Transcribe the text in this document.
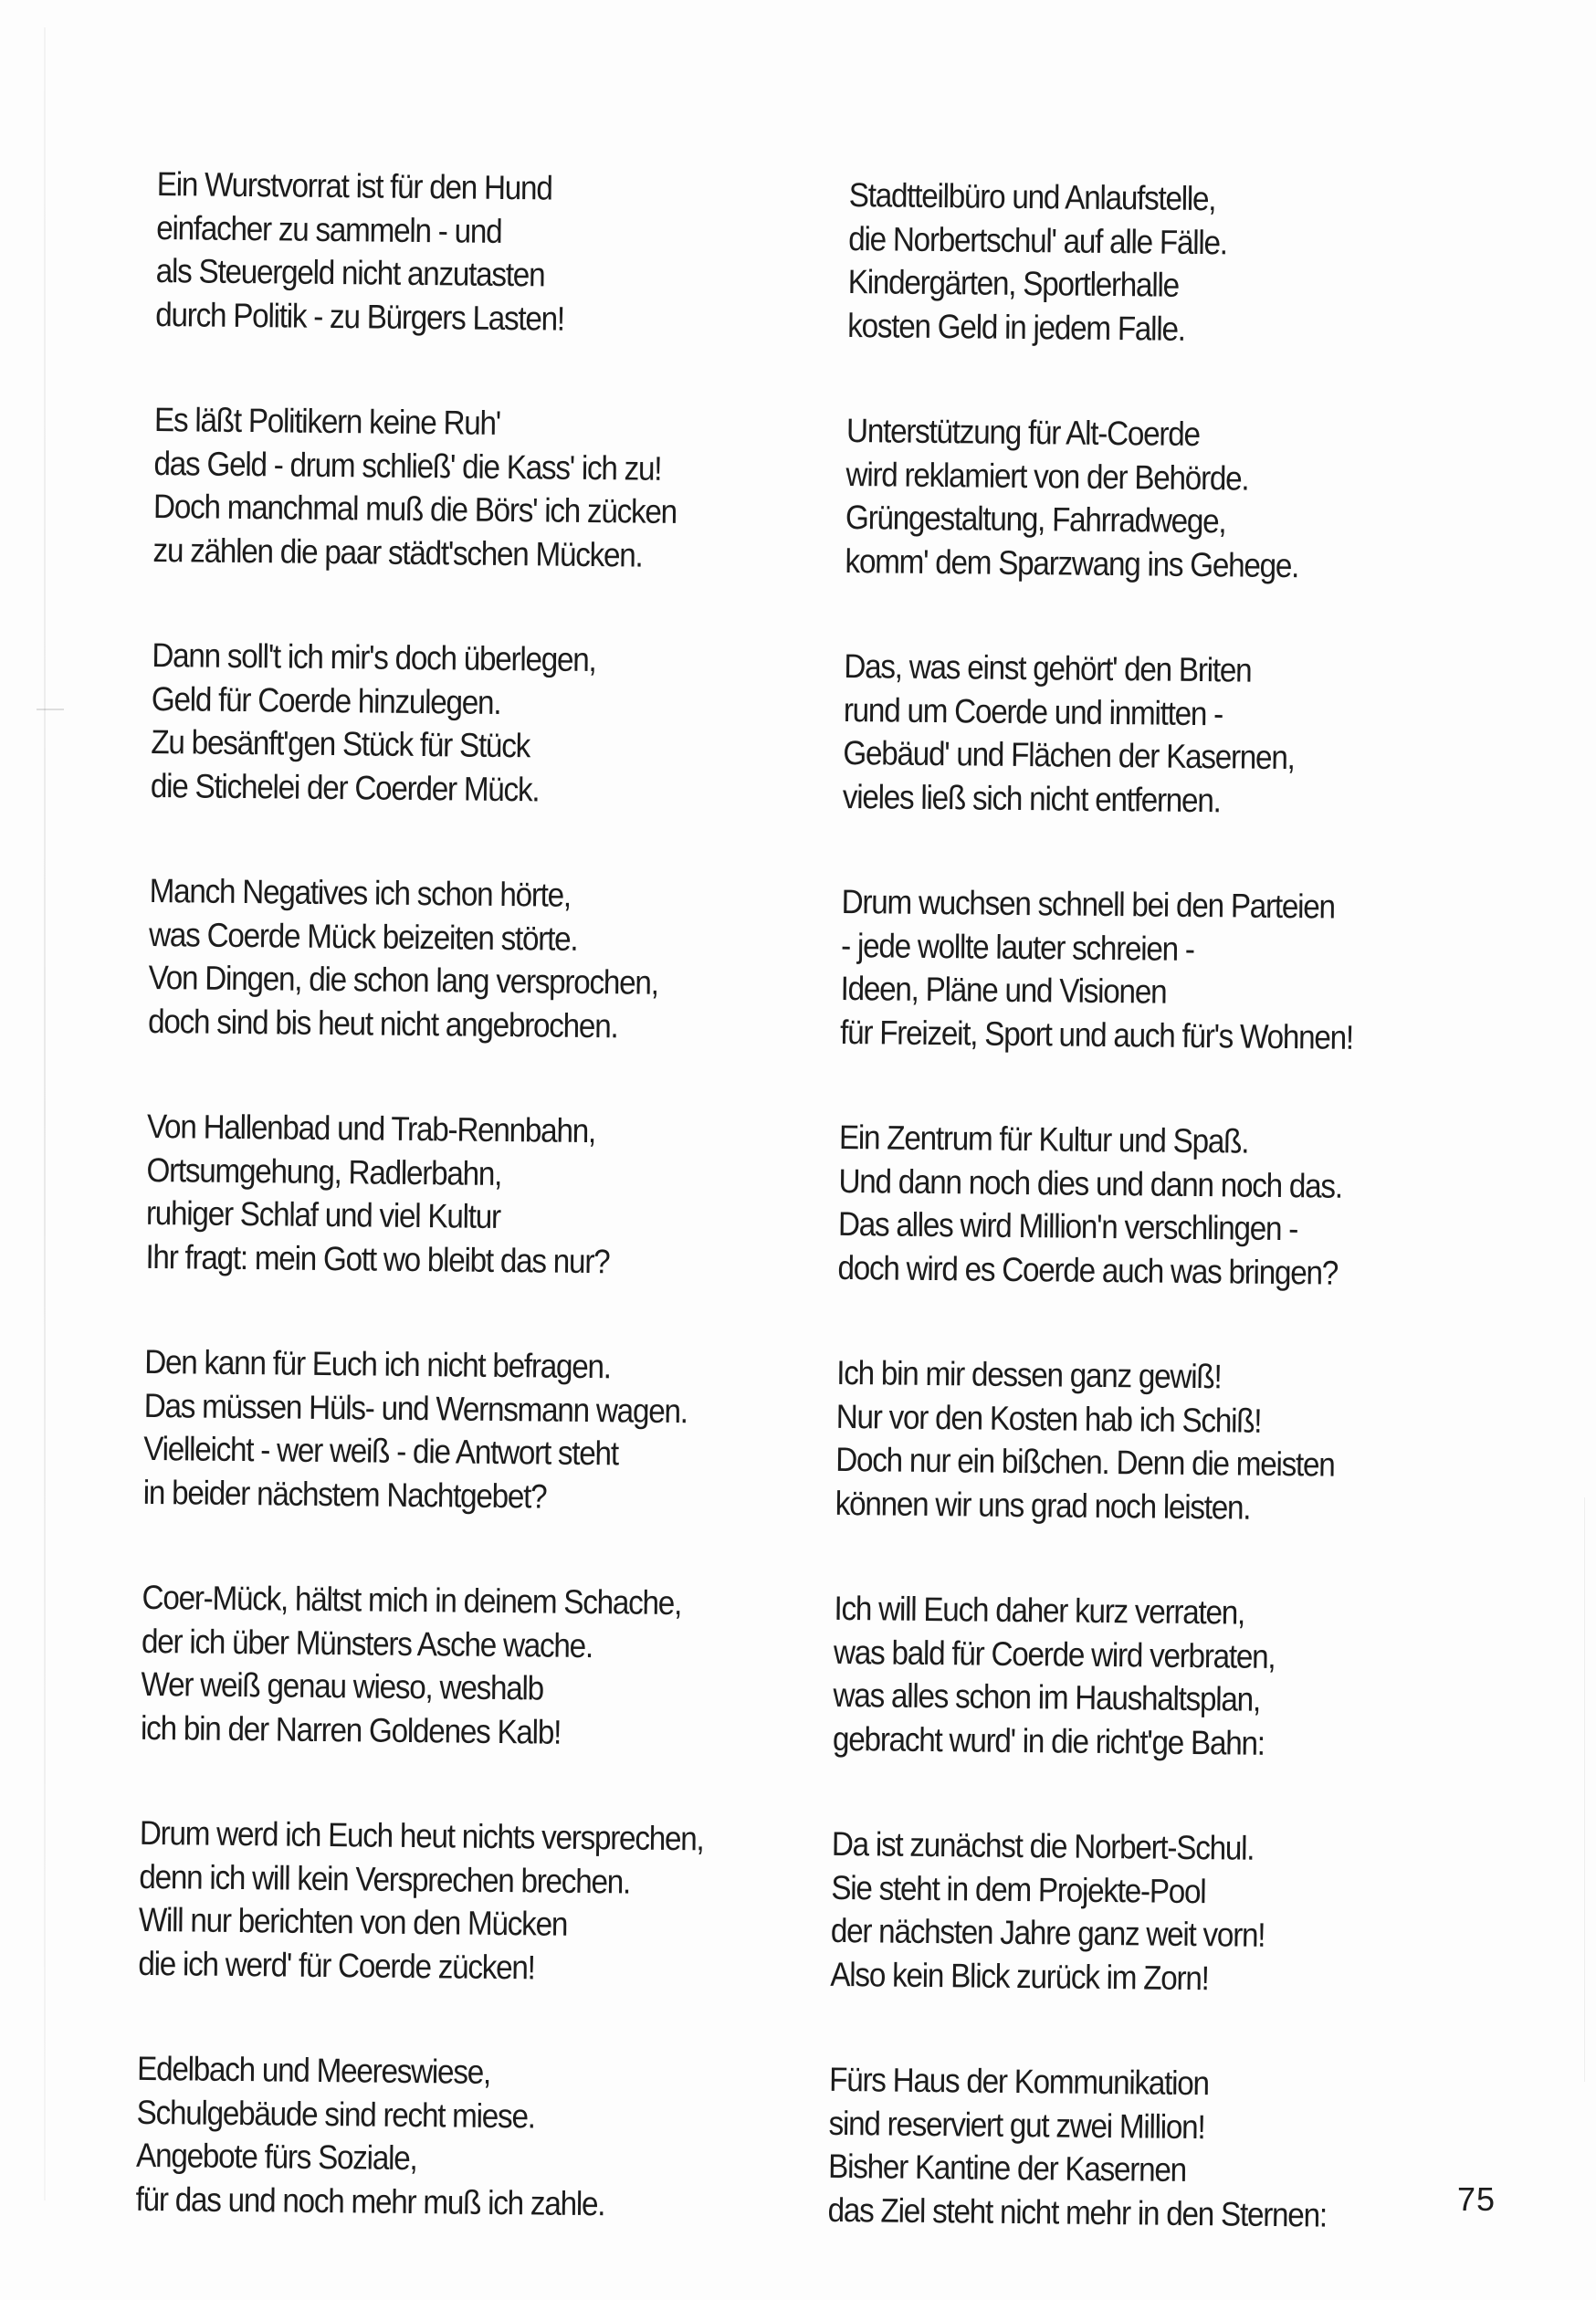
Ein Wurstvorrat ist für den Hund
einfacher zu sammeln - und
als Steuergeld nicht anzutasten
durch Politik - zu Bürgers Lasten!
Es läßt Politikern keine Ruh'
das Geld - drum schließ' die Kass' ich zu!
Doch manchmal muß die Börs' ich zücken
zu zählen die paar städt'schen Mücken.
Dann soll't ich mir's doch überlegen,
Geld für Coerde hinzulegen.
Zu besänft'gen Stück für Stück
die Stichelei der Coerder Mück.
Manch Negatives ich schon hörte,
was Coerde Mück beizeiten störte.
Von Dingen, die schon lang versprochen,
doch sind bis heut nicht angebrochen.
Von Hallenbad und Trab-Rennbahn,
Ortsumgehung, Radlerbahn,
ruhiger Schlaf und viel Kultur
Ihr fragt: mein Gott wo bleibt das nur?
Den kann für Euch ich nicht befragen.
Das müssen Hüls- und Wernsmann wagen.
Vielleicht - wer weiß - die Antwort steht
in beider nächstem Nachtgebet?
Coer-Mück, hältst mich in deinem Schache,
der ich über Münsters Asche wache.
Wer weiß genau wieso, weshalb
ich bin der Narren Goldenes Kalb!
Drum werd ich Euch heut nichts versprechen,
denn ich will kein Versprechen brechen.
Will nur berichten von den Mücken
die ich werd' für Coerde zücken!
Edelbach und Meereswiese,
Schulgebäude sind recht miese.
Angebote fürs Soziale,
für das und noch mehr muß ich zahle.
Stadtteilbüro und Anlaufstelle,
die Norbertschul' auf alle Fälle.
Kindergärten, Sportlerhalle
kosten Geld in jedem Falle.
Unterstützung für Alt-Coerde
wird reklamiert von der Behörde.
Grüngestaltung, Fahrradwege,
komm' dem Sparzwang ins Gehege.
Das, was einst gehört' den Briten
rund um Coerde und inmitten -
Gebäud' und Flächen der Kasernen,
vieles ließ sich nicht entfernen.
Drum wuchsen schnell bei den Parteien
- jede wollte lauter schreien -
Ideen, Pläne und Visionen
für Freizeit, Sport und auch für's Wohnen!
Ein Zentrum für Kultur und Spaß.
Und dann noch dies und dann noch das.
Das alles wird Million'n verschlingen -
doch wird es Coerde auch was bringen?
Ich bin mir dessen ganz gewiß!
Nur vor den Kosten hab ich Schiß!
Doch nur ein bißchen. Denn die meisten
können wir uns grad noch leisten.
Ich will Euch daher kurz verraten,
was bald für Coerde wird verbraten,
was alles schon im Haushaltsplan,
gebracht wurd' in die richt'ge Bahn:
Da ist zunächst die Norbert-Schul.
Sie steht in dem Projekte-Pool
der nächsten Jahre ganz weit vorn!
Also kein Blick zurück im Zorn!
Fürs Haus der Kommunikation
sind reserviert gut zwei Million!
Bisher Kantine der Kasernen
das Ziel steht nicht mehr in den Sternen:	75
